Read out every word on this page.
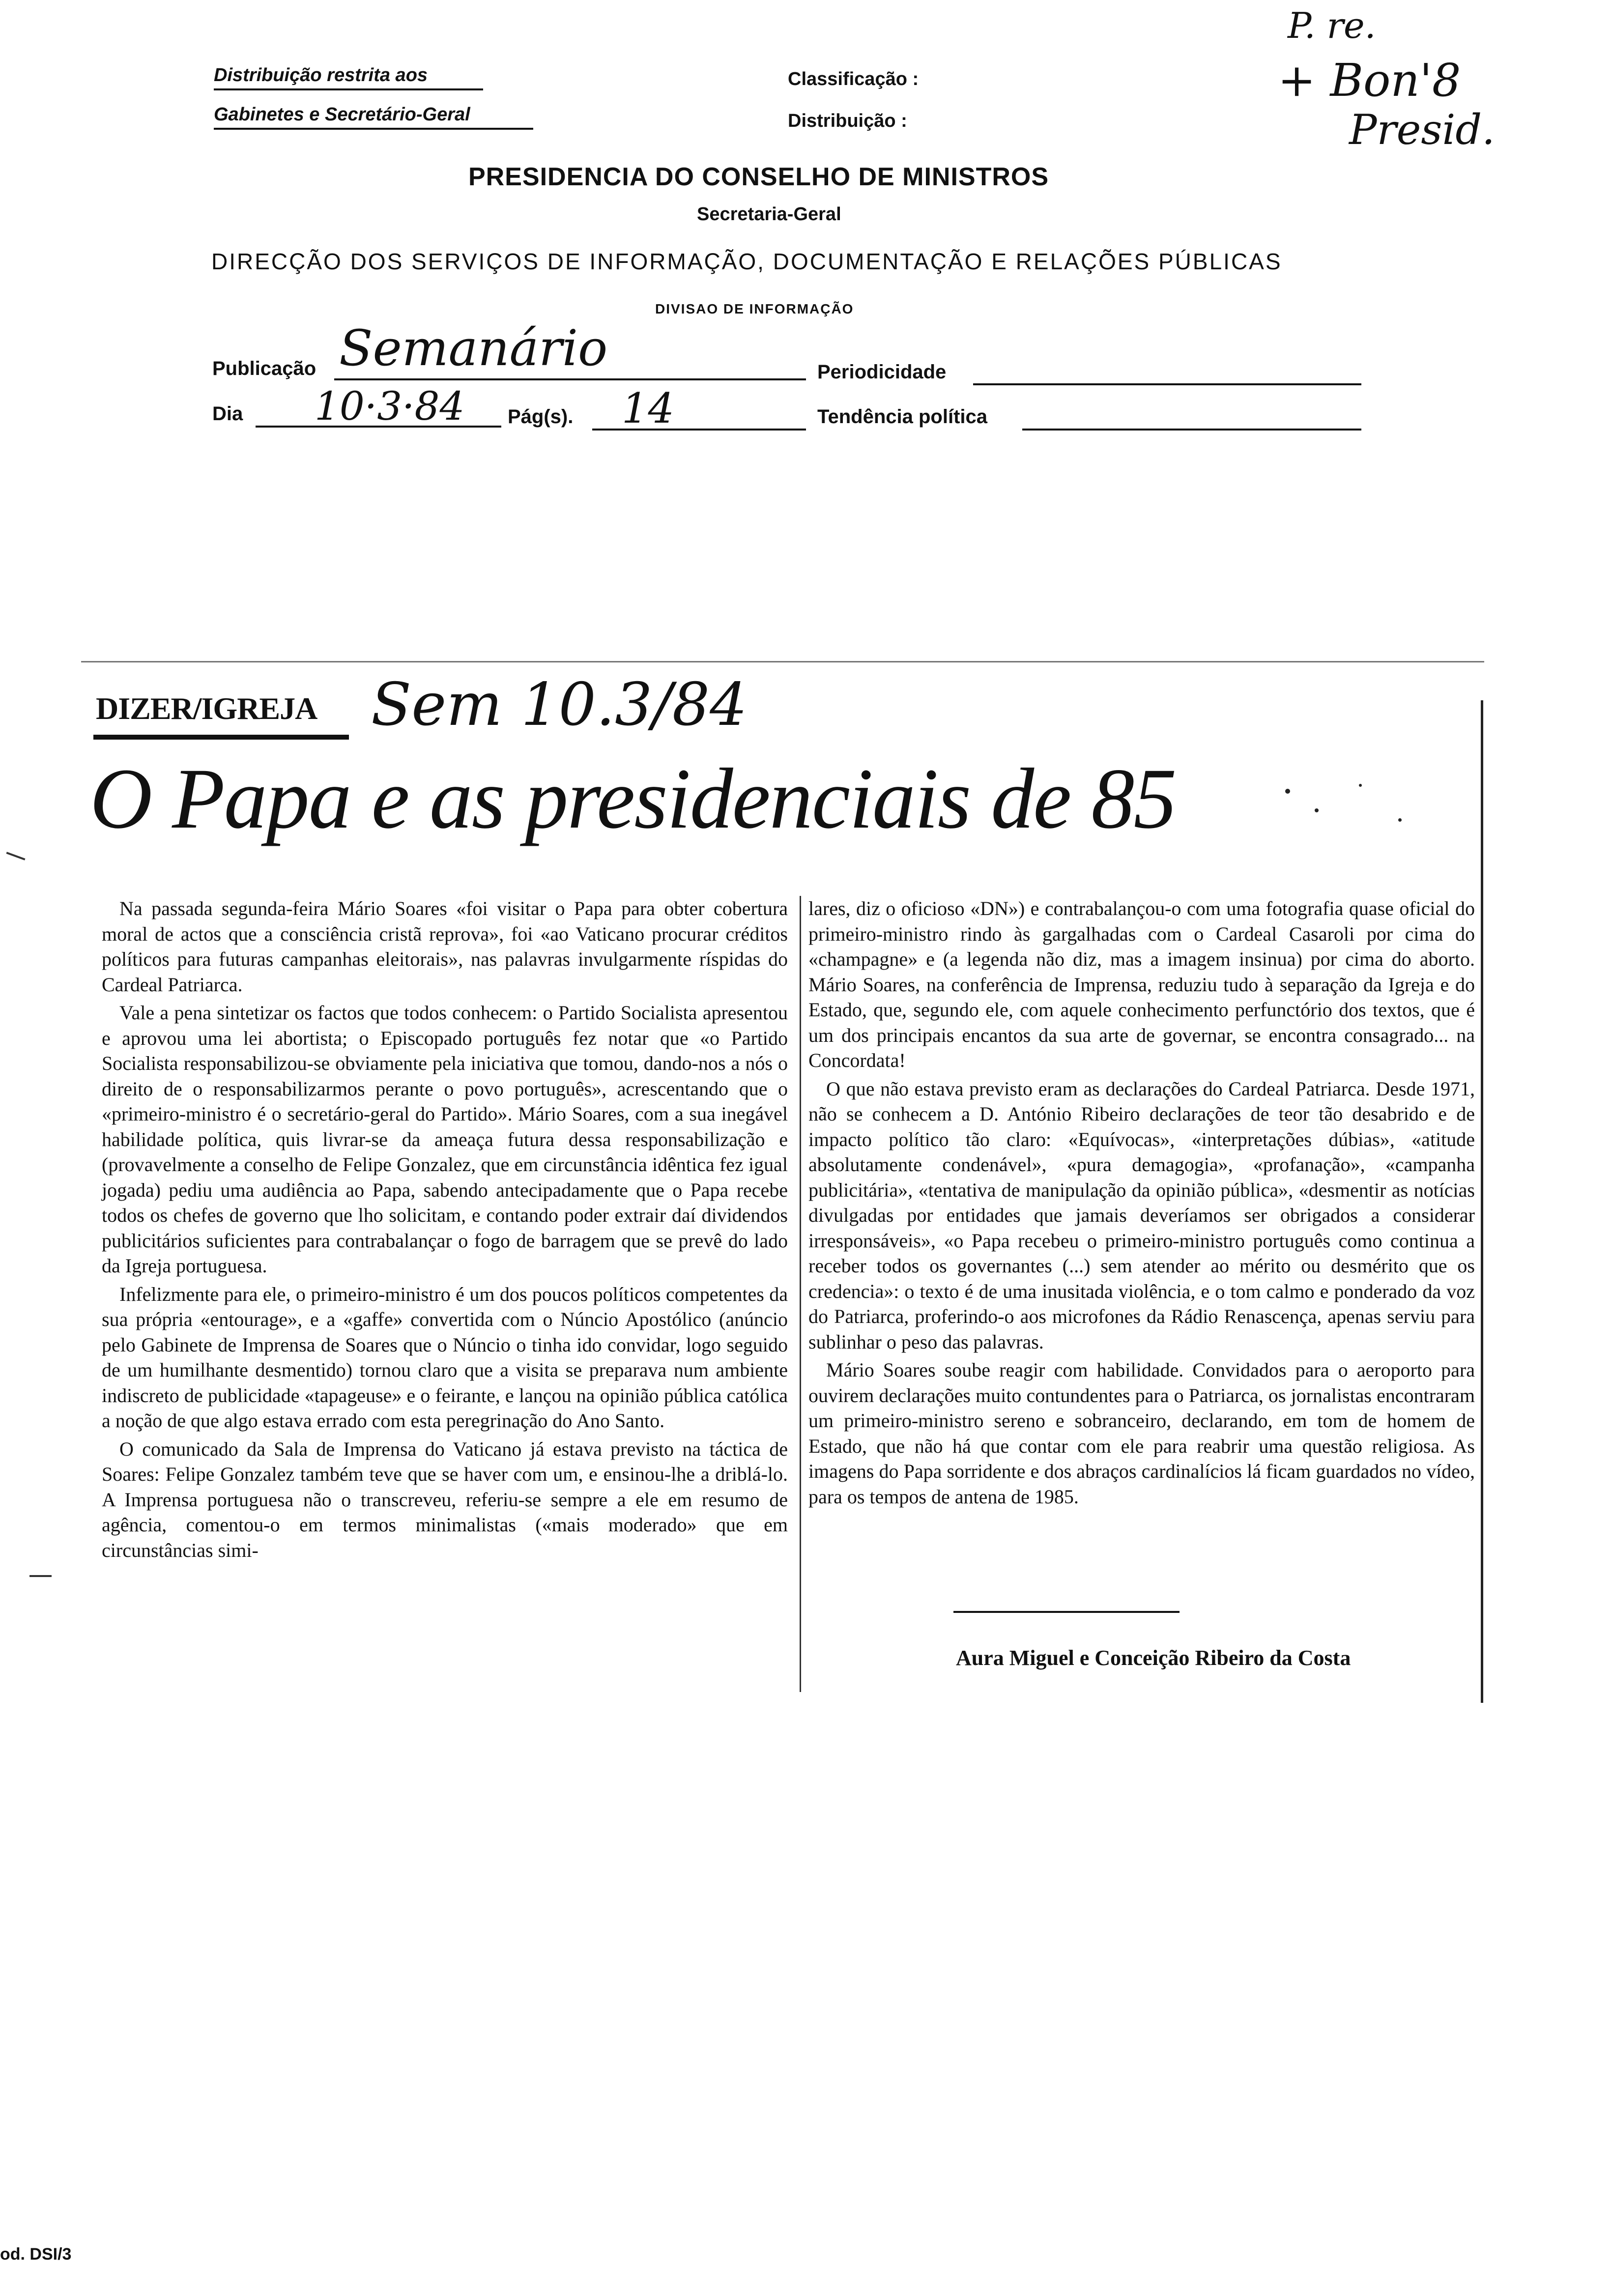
Distribuição restrita aos
Gabinetes e Secretário-Geral
Classificação :
Distribuição :
P. re.
+ Bon'8
Presid.
PRESIDENCIA DO CONSELHO DE MINISTROS
Secretaria-Geral
DIRECÇÃO DOS SERVIÇOS DE INFORMAÇÃO, DOCUMENTAÇÃO E RELAÇÕES PÚBLICAS
DIVISAO DE INFORMAÇÃO
Publicação Semanário	Periodicidade
Dia 10·3·84 Pág(s). 14	Tendência política
DIZER/IGREJA Sem 10.3/84
O Papa e as presidenciais de 85

Na passada segunda-feira Mário Soares «foi visitar o Papa para obter cobertura moral de actos que a consciência cristã reprova», foi «ao Vaticano procurar créditos políticos para futuras campanhas eleitorais», nas palavras invulgarmente ríspidas do Cardeal Patriarca.

Vale a pena sintetizar os factos que todos conhecem: o Partido Socialista apresentou e aprovou uma lei abortista; o Episcopado português fez notar que «o Partido Socialista responsabilizou-se obviamente pela iniciativa que tomou, dando-nos a nós o direito de o responsabilizarmos perante o povo português», acrescentando que o «primeiro-ministro é o secretário-geral do Partido». Mário Soares, com a sua inegável habilidade política, quis livrar-se da ameaça futura dessa responsabilização e (provavelmente a conselho de Felipe Gonzalez, que em circunstância idêntica fez igual jogada) pediu uma audiência ao Papa, sabendo antecipadamente que o Papa recebe todos os chefes de governo que lho solicitam, e contando poder extrair daí dividendos publicitários suficientes para contrabalançar o fogo de barragem que se prevê do lado da Igreja portuguesa.

Infelizmente para ele, o primeiro-ministro é um dos poucos políticos competentes da sua própria «entourage», e a «gaffe» convertida com o Núncio Apostólico (anúncio pelo Gabinete de Imprensa de Soares que o Núncio o tinha ido convidar, logo seguido de um humilhante desmentido) tornou claro que a visita se preparava num ambiente indiscreto de publicidade «tapageuse» e o feirante, e lançou na opinião pública católica a noção de que algo estava errado com esta peregrinação do Ano Santo.

O comunicado da Sala de Imprensa do Vaticano já estava previsto na táctica de Soares: Felipe Gonzalez também teve que se haver com um, e ensinou-lhe a driblá-lo. A Imprensa portuguesa não o transcreveu, referiu-se sempre a ele em resumo de agência, comentou-o em termos minimalistas («mais moderado» que em circunstâncias simi-

lares, diz o oficioso «DN») e contrabalançou-o com uma fotografia quase oficial do primeiro-ministro rindo às gargalhadas com o Cardeal Casaroli por cima do «champagne» e (a legenda não diz, mas a imagem insinua) por cima do aborto. Mário Soares, na conferência de Imprensa, reduziu tudo à separação da Igreja e do Estado, que, segundo ele, com aquele conhecimento perfunctório dos textos, que é um dos principais encantos da sua arte de governar, se encontra consagrado... na Concordata!

O que não estava previsto eram as declarações do Cardeal Patriarca. Desde 1971, não se conhecem a D. António Ribeiro declarações de teor tão desabrido e de impacto político tão claro: «Equívocas», «interpretações dúbias», «atitude absolutamente condenável», «pura demagogia», «profanação», «campanha publicitária», «tentativa de manipulação da opinião pública», «desmentir as notícias divulgadas por entidades que jamais deveríamos ser obrigados a considerar irresponsáveis», «o Papa recebeu o primeiro-ministro português como continua a receber todos os governantes (...) sem atender ao mérito ou desmérito que os credencia»: o texto é de uma inusitada violência, e o tom calmo e ponderado da voz do Patriarca, proferindo-o aos microfones da Rádio Renascença, apenas serviu para sublinhar o peso das palavras.

Mário Soares soube reagir com habilidade. Convidados para o aeroporto para ouvirem declarações muito contundentes para o Patriarca, os jornalistas encontraram um primeiro-ministro sereno e sobranceiro, declarando, em tom de homem de Estado, que não há que contar com ele para reabrir uma questão religiosa. As imagens do Papa sorridente e dos abraços cardinalícios lá ficam guardados no vídeo, para os tempos de antena de 1985.

Aura Miguel e Conceição Ribeiro da Costa
od. DSI/3
